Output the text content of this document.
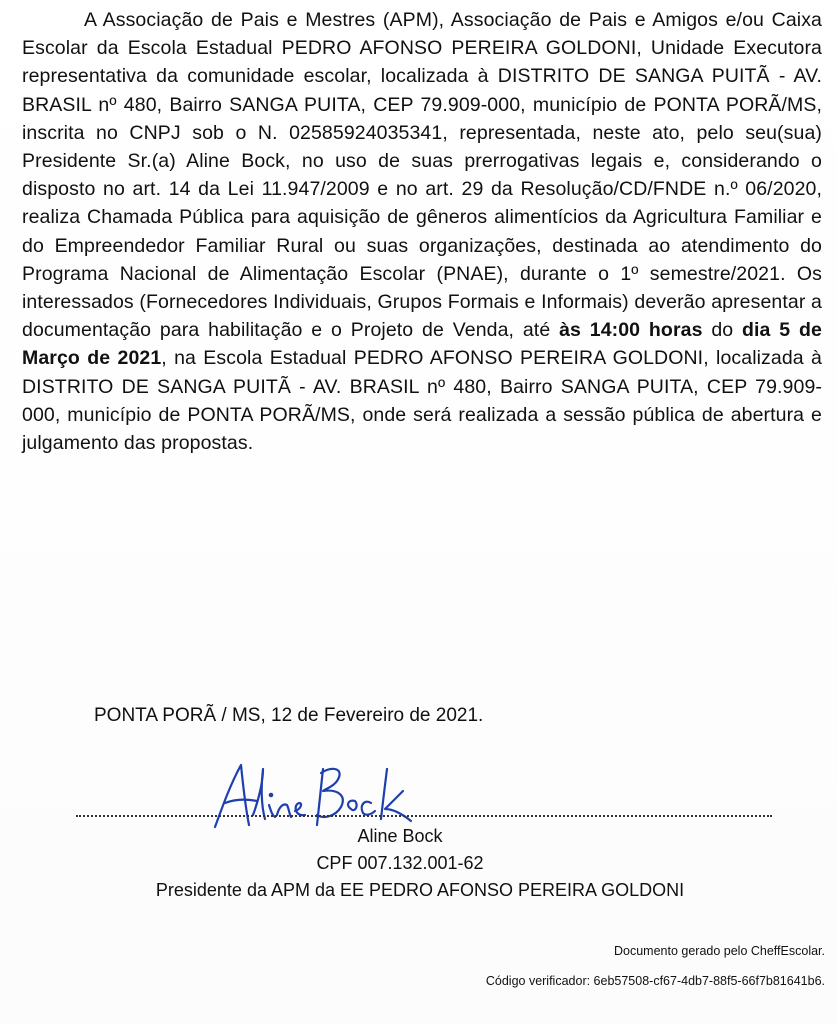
A Associação de Pais e Mestres (APM), Associação de Pais e Amigos e/ou Caixa Escolar da Escola Estadual PEDRO AFONSO PEREIRA GOLDONI, Unidade Executora representativa da comunidade escolar, localizada à DISTRITO DE SANGA PUITÃ - AV. BRASIL nº 480, Bairro SANGA PUITA, CEP 79.909-000, município de PONTA PORÃ/MS, inscrita no CNPJ sob o N. 02585924035341, representada, neste ato, pelo seu(sua) Presidente Sr.(a) Aline Bock, no uso de suas prerrogativas legais e, considerando o disposto no art. 14 da Lei 11.947/2009 e no art. 29 da Resolução/CD/FNDE n.º 06/2020, realiza Chamada Pública para aquisição de gêneros alimentícios da Agricultura Familiar e do Empreendedor Familiar Rural ou suas organizações, destinada ao atendimento do Programa Nacional de Alimentação Escolar (PNAE), durante o 1º semestre/2021. Os interessados (Fornecedores Individuais, Grupos Formais e Informais) deverão apresentar a documentação para habilitação e o Projeto de Venda, até às 14:00 horas do dia 5 de Março de 2021, na Escola Estadual PEDRO AFONSO PEREIRA GOLDONI, localizada à DISTRITO DE SANGA PUITÃ - AV. BRASIL nº 480, Bairro SANGA PUITA, CEP 79.909-000, município de PONTA PORÃ/MS, onde será realizada a sessão pública de abertura e julgamento das propostas.

PONTA PORÃ / MS, 12 de Fevereiro de 2021.

Aline Bock

CPF 007.132.001-62

Presidente da APM da EE PEDRO AFONSO PEREIRA GOLDONI

Documento gerado pelo CheffEscolar.

Código verificador: 6eb57508-cf67-4db7-88f5-66f7b81641b6.
